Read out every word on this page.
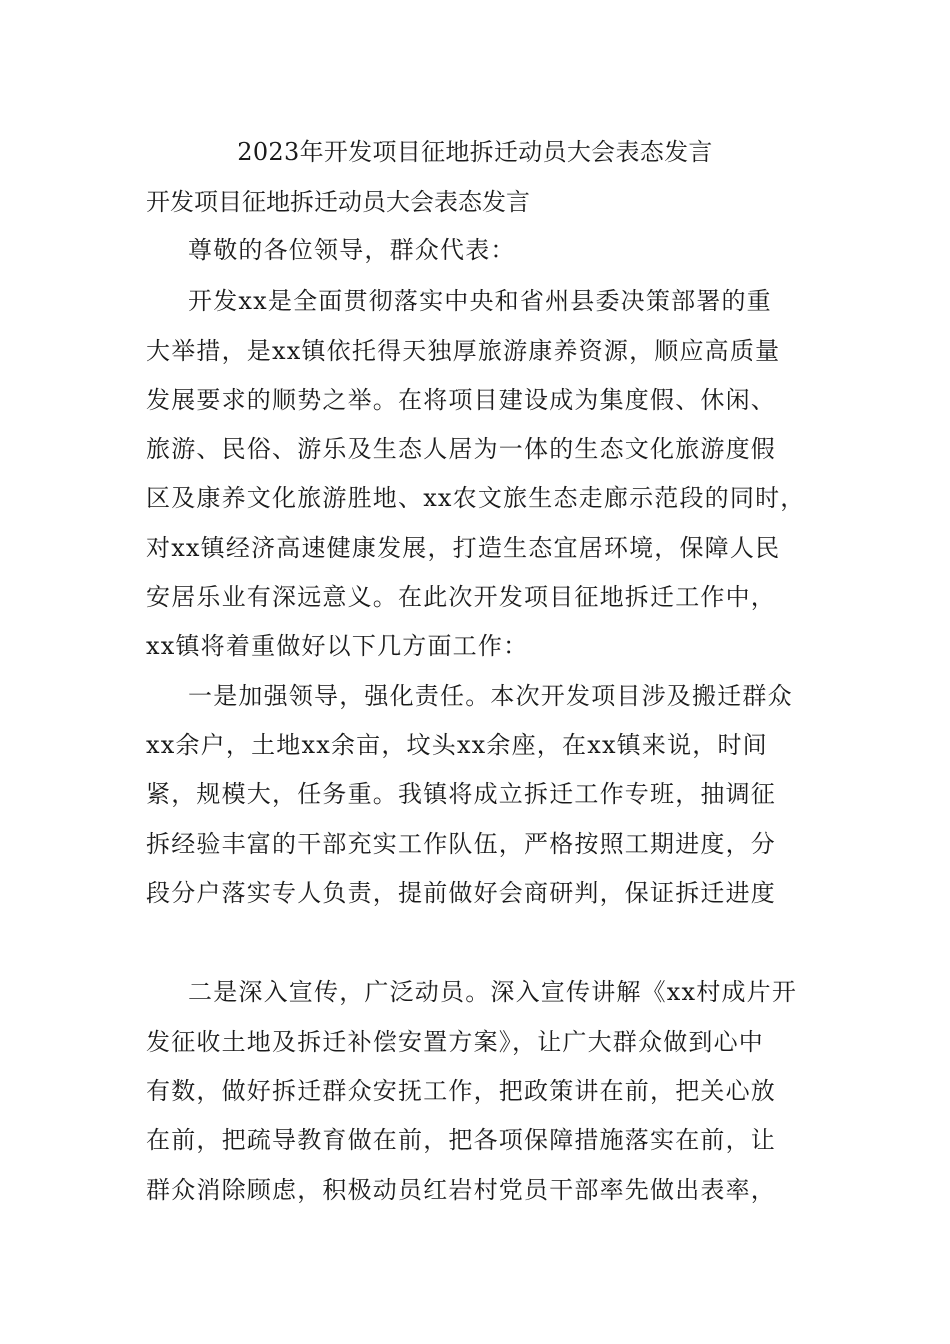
2023年开发项目征地拆迁动员大会表态发言
开发项目征地拆迁动员大会表态发言
尊敬的各位领导，群众代表：
开发xx是全面贯彻落实中央和省州县委决策部署的重
大举措，是xx镇依托得天独厚旅游康养资源，顺应高质量
发展要求的顺势之举。在将项目建设成为集度假、休闲、
旅游、民俗、游乐及生态人居为一体的生态文化旅游度假
区及康养文化旅游胜地、xx农文旅生态走廊示范段的同时，
对xx镇经济高速健康发展，打造生态宜居环境，保障人民
安居乐业有深远意义。在此次开发项目征地拆迁工作中，
xx镇将着重做好以下几方面工作：
一是加强领导，强化责任。本次开发项目涉及搬迁群众
xx余户，土地xx余亩，坟头xx余座，在xx镇来说，时间
紧，规模大，任务重。我镇将成立拆迁工作专班，抽调征
拆经验丰富的干部充实工作队伍，严格按照工期进度，分
段分户落实专人负责，提前做好会商研判，保证拆迁进度
二是深入宣传，广泛动员。深入宣传讲解《xx村成片开
发征收土地及拆迁补偿安置方案》，让广大群众做到心中
有数，做好拆迁群众安抚工作，把政策讲在前，把关心放
在前，把疏导教育做在前，把各项保障措施落实在前，让
群众消除顾虑，积极动员红岩村党员干部率先做出表率，
